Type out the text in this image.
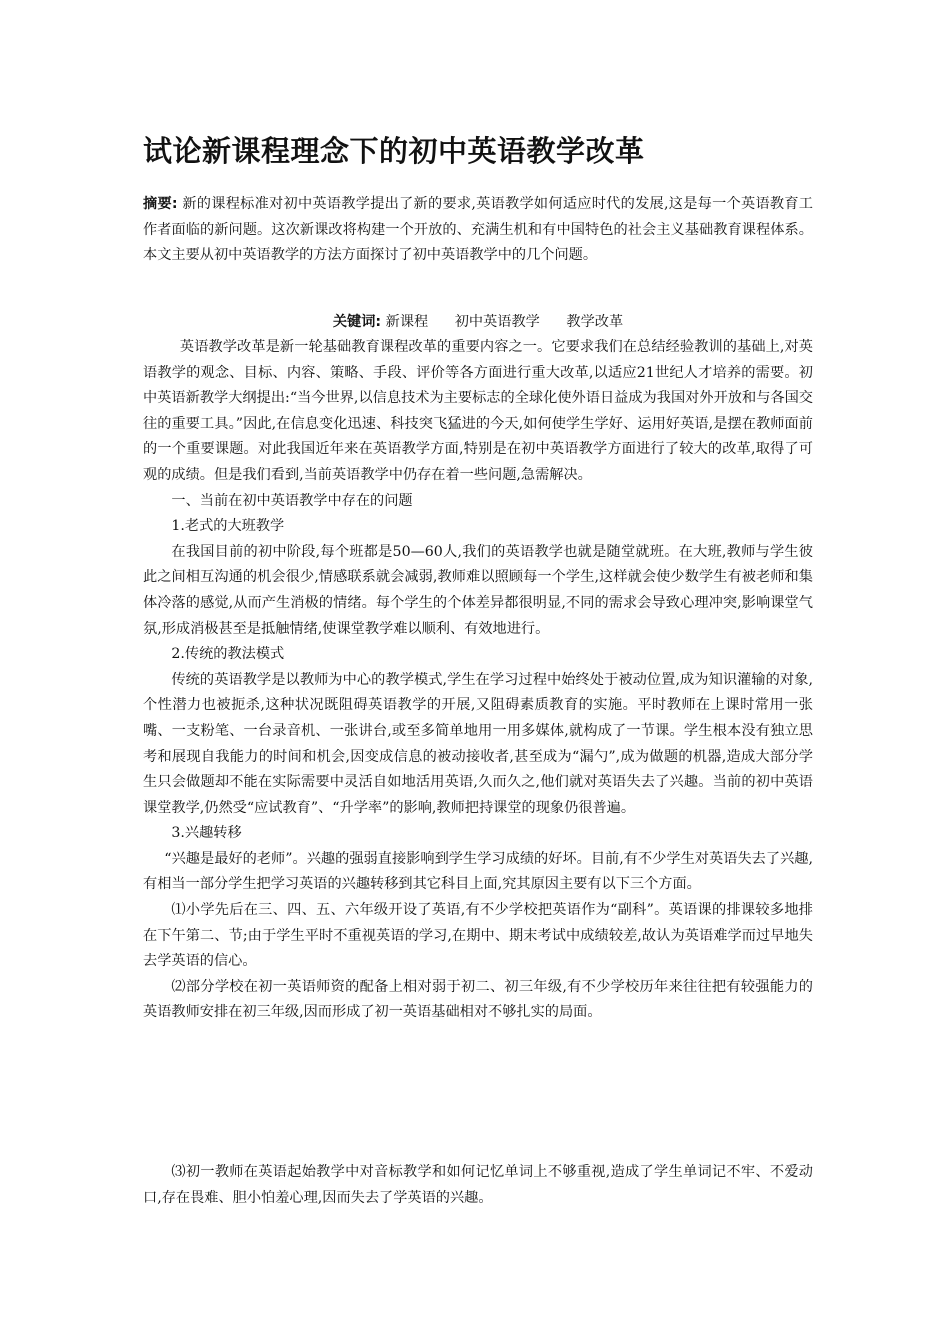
试论新课程理念下的初中英语教学改革
摘要: 新的课程标准对初中英语教学提出了新的要求,英语教学如何适应时代的发展,这是每一个英语教育工作者面临的新问题。这次新课改将构建一个开放的、充满生机和有中国特色的社会主义基础教育课程体系。本文主要从初中英语教学的方法方面探讨了初中英语教学中的几个问题。
关键词: 新课程 初中英语教学 教学改革

英语教学改革是新一轮基础教育课程改革的重要内容之一。它要求我们在总结经验教训的基础上,对英语教学的观念、目标、内容、策略、手段、评价等各方面进行重大改革,以适应21世纪人才培养的需要。初中英语新教学大纲提出:“当今世界,以信息技术为主要标志的全球化使外语日益成为我国对外开放和与各国交往的重要工具。”因此,在信息变化迅速、科技突飞猛进的今天,如何使学生学好、运用好英语,是摆在教师面前的一个重要课题。对此我国近年来在英语教学方面,特别是在初中英语教学方面进行了较大的改革,取得了可观的成绩。但是我们看到,当前英语教学中仍存在着一些问题,急需解决。

一、当前在初中英语教学中存在的问题

1.老式的大班教学

在我国目前的初中阶段,每个班都是50—60人,我们的英语教学也就是随堂就班。在大班,教师与学生彼此之间相互沟通的机会很少,情感联系就会减弱,教师难以照顾每一个学生,这样就会使少数学生有被老师和集体冷落的感觉,从而产生消极的情绪。每个学生的个体差异都很明显,不同的需求会导致心理冲突,影响课堂气氛,形成消极甚至是抵触情绪,使课堂教学难以顺利、有效地进行。

2.传统的教法模式

传统的英语教学是以教师为中心的教学模式,学生在学习过程中始终处于被动位置,成为知识灌输的对象,个性潜力也被扼杀,这种状况既阻碍英语教学的开展,又阻碍素质教育的实施。平时教师在上课时常用一张嘴、一支粉笔、一台录音机、一张讲台,或至多简单地用一用多媒体,就构成了一节课。学生根本没有独立思考和展现自我能力的时间和机会,因变成信息的被动接收者,甚至成为“漏勺”,成为做题的机器,造成大部分学生只会做题却不能在实际需要中灵活自如地活用英语,久而久之,他们就对英语失去了兴趣。当前的初中英语课堂教学,仍然受“应试教育”、“升学率”的影响,教师把持课堂的现象仍很普遍。

3.兴趣转移

“兴趣是最好的老师”。兴趣的强弱直接影响到学生学习成绩的好坏。目前,有不少学生对英语失去了兴趣,有相当一部分学生把学习英语的兴趣转移到其它科目上面,究其原因主要有以下三个方面。

⑴小学先后在三、四、五、六年级开设了英语,有不少学校把英语作为“副科”。英语课的排课较多地排在下午第二、节;由于学生平时不重视英语的学习,在期中、期末考试中成绩较差,故认为英语难学而过早地失去学英语的信心。

⑵部分学校在初一英语师资的配备上相对弱于初二、初三年级,有不少学校历年来往往把有较强能力的英语教师安排在初三年级,因而形成了初一英语基础相对不够扎实的局面。

⑶初一教师在英语起始教学中对音标教学和如何记忆单词上不够重视,造成了学生单词记不牢、不爱动口,存在畏难、胆小怕羞心理,因而失去了学英语的兴趣。
